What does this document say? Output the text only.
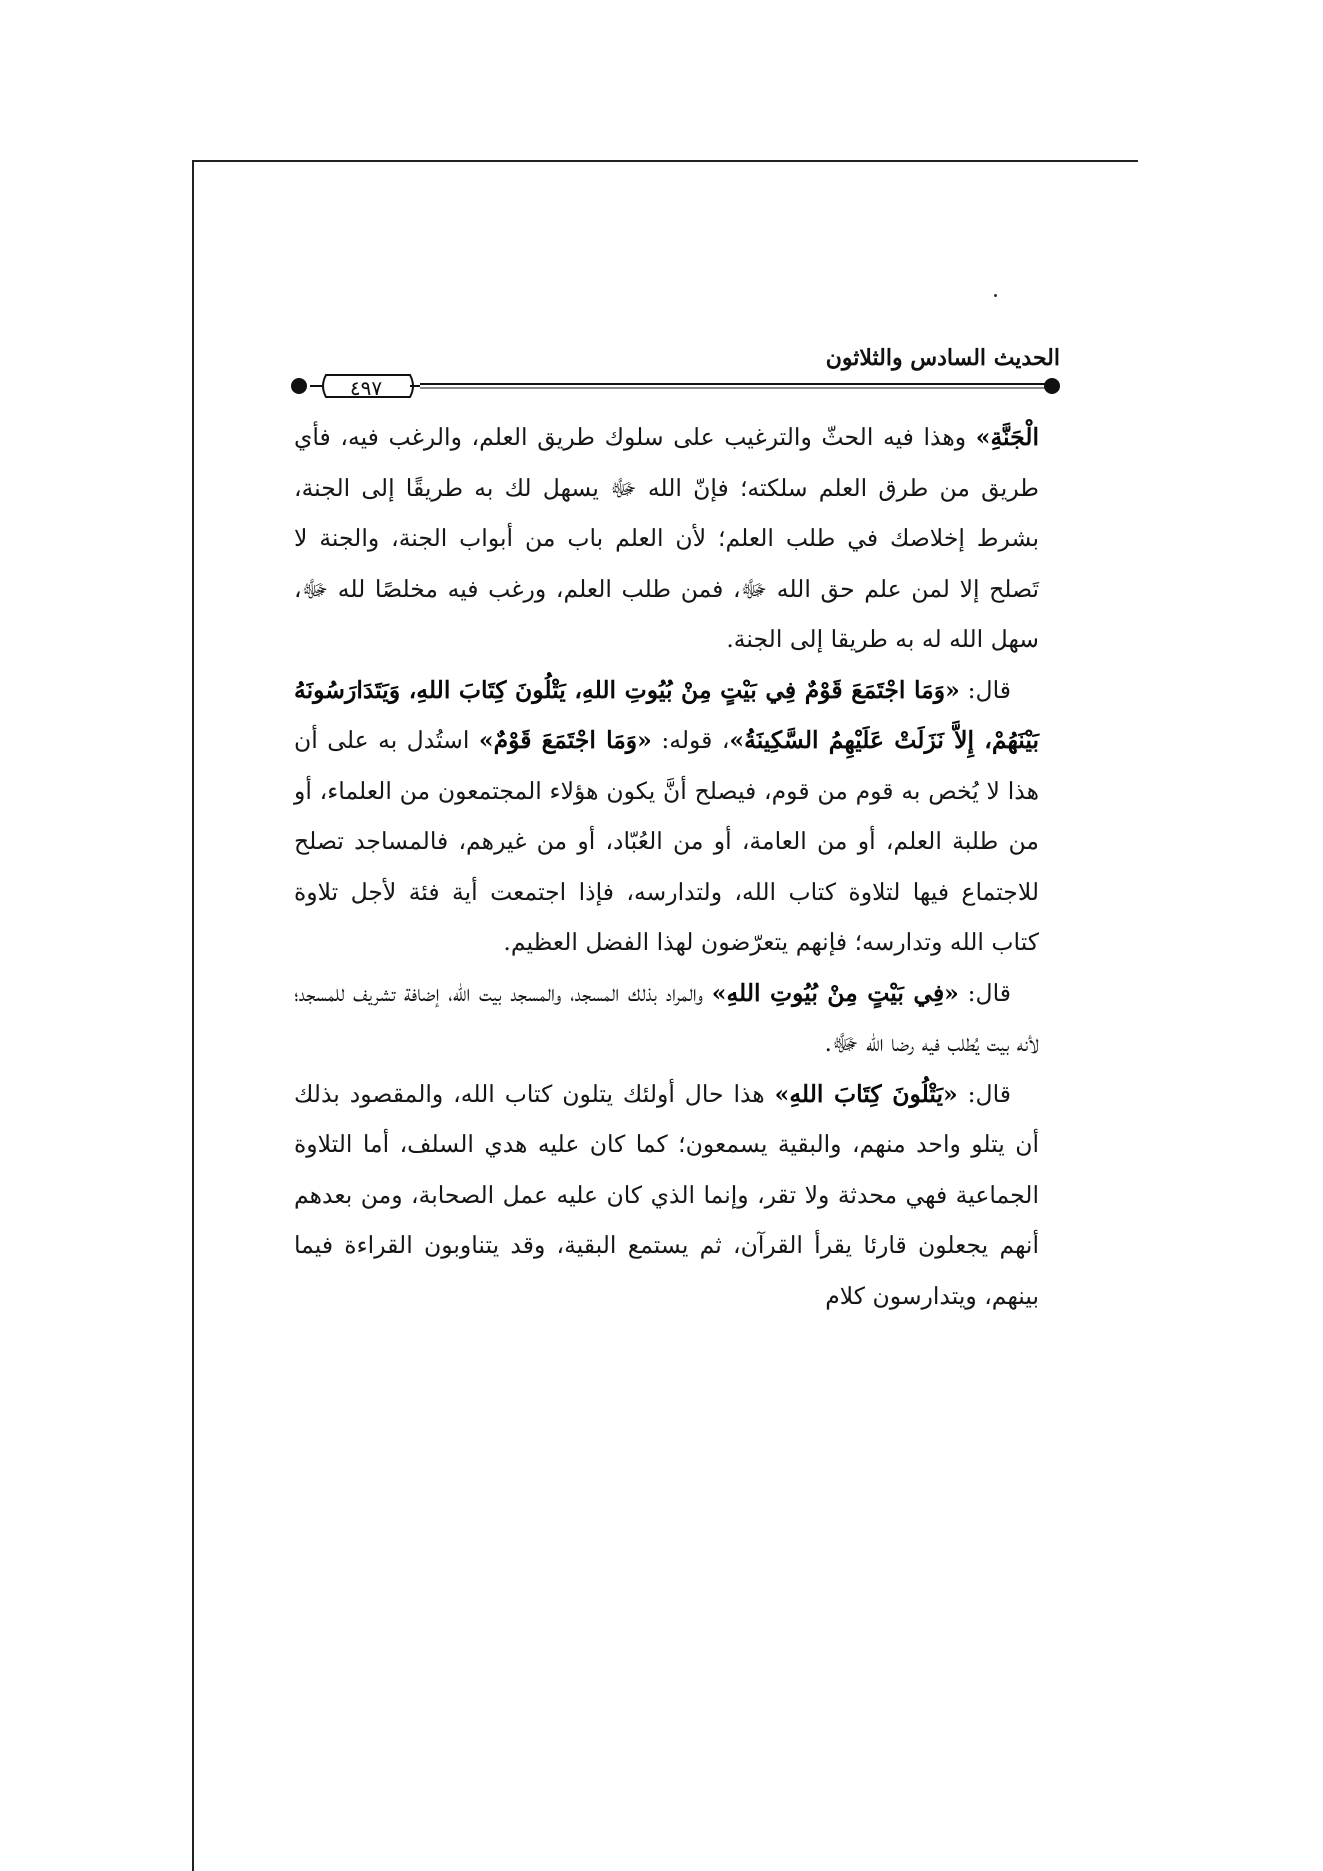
الحديث السادس والثلاثون
٤٩٧

الْجَنَّةِ» وهذا فيه الحثّ والترغيب على سلوك طريق العلم، والرغب فيه، فأي طريق من طرق العلم سلكته؛ فإنّ الله ﷻ يسهل لك به طريقًا إلى الجنة، بشرط إخلاصك في طلب العلم؛ لأن العلم باب من أبواب الجنة، والجنة لا تَصلح إلا لمن علم حق الله ﷻ، فمن طلب العلم، ورغب فيه مخلصًا لله ﷻ، سهل الله له به طريقا إلى الجنة.

قال: «وَمَا اجْتَمَعَ قَوْمٌ فِي بَيْتٍ مِنْ بُيُوتِ اللهِ، يَتْلُونَ كِتَابَ اللهِ، وَيَتَدَارَسُونَهُ بَيْنَهُمْ، إِلاَّ نَزَلَتْ عَلَيْهِمُ السَّكِينَةُ»، قوله: «وَمَا اجْتَمَعَ قَوْمٌ» استُدل به على أن هذا لا يُخص به قوم من قوم، فيصلح أنَّ يكون هؤلاء المجتمعون من العلماء، أو من طلبة العلم، أو من العامة، أو من العُبّاد، أو من غيرهم، فالمساجد تصلح للاجتماع فيها لتلاوة كتاب الله، ولتدارسه، فإذا اجتمعت أية فئة لأجل تلاوة كتاب الله وتدارسه؛ فإنهم يتعرّضون لهذا الفضل العظيم.

قال: «فِي بَيْتٍ مِنْ بُيُوتِ اللهِ» والمراد بذلك المسجد، والمسجد بيت الله، إضافة تشريف للمسجد؛ لأنه بيت يُطلب فيه رضا الله ﷻ.

قال: «يَتْلُونَ كِتَابَ اللهِ» هذا حال أولئك يتلون كتاب الله، والمقصود بذلك أن يتلو واحد منهم، والبقية يسمعون؛ كما كان عليه هدي السلف، أما التلاوة الجماعية فهي محدثة ولا تقر، وإنما الذي كان عليه عمل الصحابة، ومن بعدهم أنهم يجعلون قارئا يقرأ القرآن، ثم يستمع البقية، وقد يتناوبون القراءة فيما بينهم، ويتدارسون كلام
